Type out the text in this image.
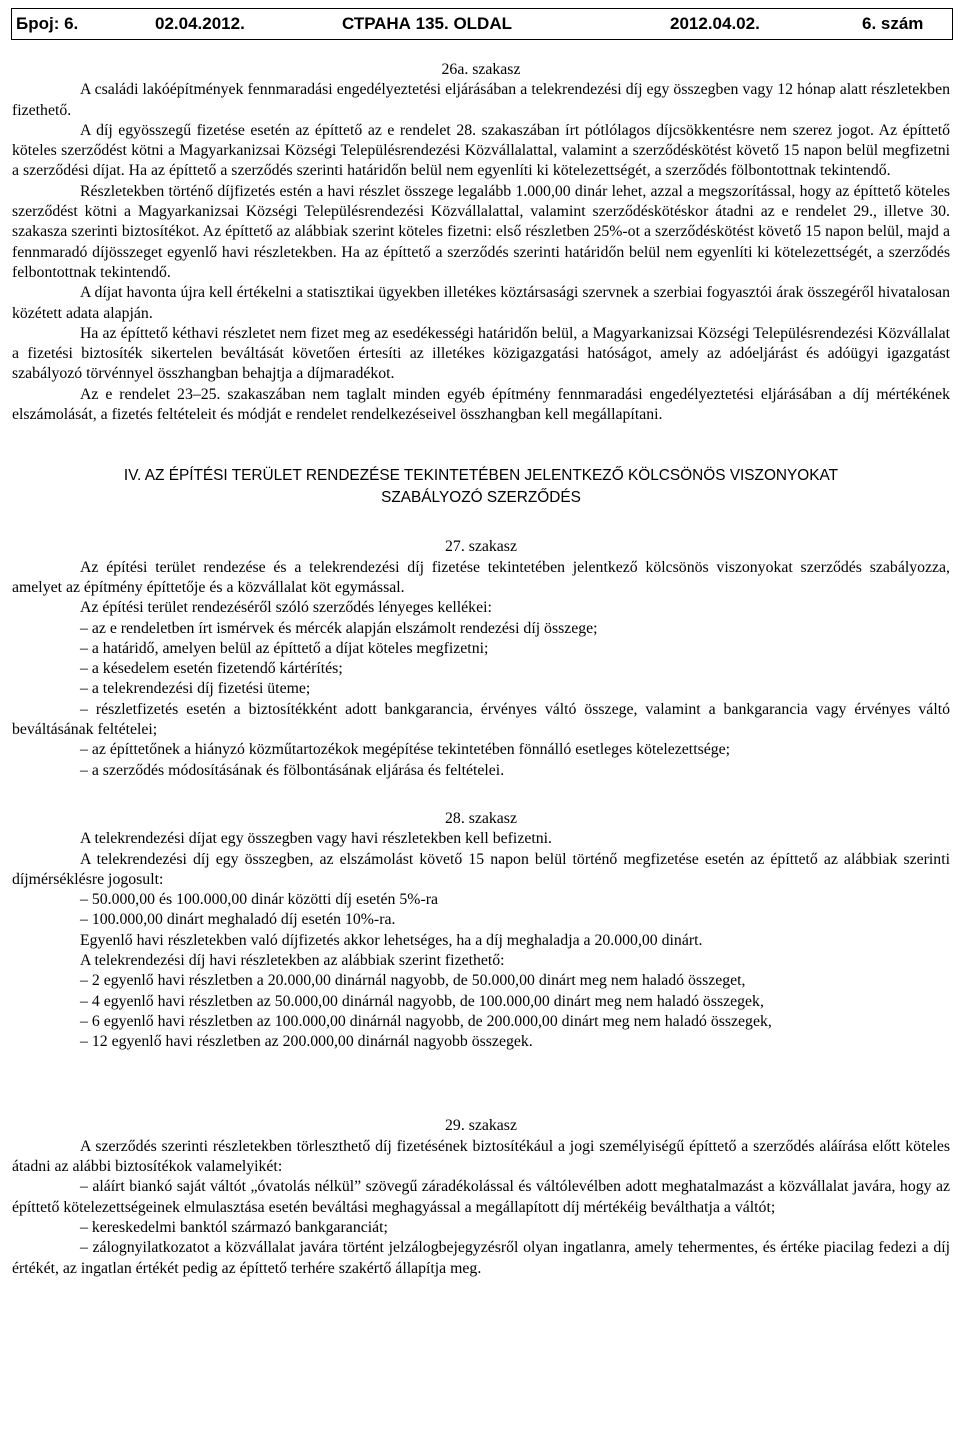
Број: 6.	02.04.2012.	СТРАНА 135. OLDAL	2012.04.02.	6. szám

26a. szakasz

A családi lakóépítmények fennmaradási engedélyeztetési eljárásában a telekrendezési díj egy összegben vagy 12 hónap alatt részletekben fizethető.

A díj egyösszegű fizetése esetén az építtető az e rendelet 28. szakaszában írt pótlólagos díjcsökkentésre nem szerez jogot. Az építtető köteles szerződést kötni a Magyarkanizsai Községi Településrendezési Közvállalattal, valamint a szerződéskötést követő 15 napon belül megfizetni a szerződési díjat. Ha az építtető a szerződés szerinti határidőn belül nem egyenlíti ki kötelezettségét, a szerződés fölbontottnak tekintendő.

Részletekben történő díjfizetés estén a havi részlet összege legalább 1.000,00 dinár lehet, azzal a megszorítással, hogy az építtető köteles szerződést kötni a Magyarkanizsai Községi Településrendezési Közvállalattal, valamint szerződéskötéskor átadni az e rendelet 29., illetve 30. szakasza szerinti biztosítékot. Az építtető az alábbiak szerint köteles fizetni: első részletben 25%-ot a szerződéskötést követő 15 napon belül, majd a fennmaradó díjösszeget egyenlő havi részletekben. Ha az építtető a szerződés szerinti határidőn belül nem egyenlíti ki kötelezettségét, a szerződés felbontottnak tekintendő.

A díjat havonta újra kell értékelni a statisztikai ügyekben illetékes köztársasági szervnek a szerbiai fogyasztói árak összegéről hivatalosan közétett adata alapján.

Ha az építtető kéthavi részletet nem fizet meg az esedékességi határidőn belül, a Magyarkanizsai Községi Településrendezési Közvállalat a fizetési biztosíték sikertelen beváltását követően értesíti az illetékes közigazgatási hatóságot, amely az adóeljárást és adóügyi igazgatást szabályozó törvénnyel összhangban behajtja a díjmaradékot.

Az e rendelet 23–25. szakaszában nem taglalt minden egyéb építmény fennmaradási engedélyeztetési eljárásában a díj mértékének elszámolását, a fizetés feltételeit és módját e rendelet rendelkezéseivel összhangban kell megállapítani.

IV. AZ ÉPÍTÉSI TERÜLET RENDEZÉSE TEKINTETÉBEN JELENTKEZŐ KÖLCSÖNÖS VISZONYOKAT

SZABÁLYOZÓ SZERZŐDÉS

27. szakasz

Az építési terület rendezése és a telekrendezési díj fizetése tekintetében jelentkező kölcsönös viszonyokat szerződés szabályozza, amelyet az építmény építtetője és a közvállalat köt egymással.

Az építési terület rendezéséről szóló szerződés lényeges kellékei:

– az e rendeletben írt ismérvek és mércék alapján elszámolt rendezési díj összege;

– a határidő, amelyen belül az építtető a díjat köteles megfizetni;

– a késedelem esetén fizetendő kártérítés;

– a telekrendezési díj fizetési üteme;

– részletfizetés esetén a biztosítékként adott bankgarancia, érvényes váltó összege, valamint a bankgarancia vagy érvényes váltó beváltásának feltételei;

– az építtetőnek a hiányzó közműtartozékok megépítése tekintetében fönnálló esetleges kötelezettsége;

– a szerződés módosításának és fölbontásának eljárása és feltételei.

28. szakasz

A telekrendezési díjat egy összegben vagy havi részletekben kell befizetni.

A telekrendezési díj egy összegben, az elszámolást követő 15 napon belül történő megfizetése esetén az építtető az alábbiak szerinti díjmérséklésre jogosult:

– 50.000,00 és 100.000,00 dinár közötti díj esetén 5%-ra

– 100.000,00 dinárt meghaladó díj esetén 10%-ra.

Egyenlő havi részletekben való díjfizetés akkor lehetséges, ha a díj meghaladja a 20.000,00 dinárt.

A telekrendezési díj havi részletekben az alábbiak szerint fizethető:

– 2 egyenlő havi részletben a 20.000,00 dinárnál nagyobb, de 50.000,00 dinárt meg nem haladó összeget,

– 4 egyenlő havi részletben az 50.000,00 dinárnál nagyobb, de 100.000,00 dinárt meg nem haladó összegek,

– 6 egyenlő havi részletben az 100.000,00 dinárnál nagyobb, de 200.000,00 dinárt meg nem haladó összegek,

– 12 egyenlő havi részletben az 200.000,00 dinárnál nagyobb összegek.

29. szakasz

A szerződés szerinti részletekben törleszthető díj fizetésének biztosítékául a jogi személyiségű építtető a szerződés aláírása előtt köteles átadni az alábbi biztosítékok valamelyikét:

– aláírt biankó saját váltót „óvatolás nélkül” szövegű záradékolással és váltólevélben adott meghatalmazást a közvállalat javára, hogy az építtető kötelezettségeinek elmulasztása esetén beváltási meghagyással a megállapított díj mértékéig beválthatja a váltót;

– kereskedelmi banktól származó bankgaranciát;

– zálognyilatkozatot a közvállalat javára történt jelzálogbejegyzésről olyan ingatlanra, amely tehermentes, és értéke piacilag fedezi a díj értékét, az ingatlan értékét pedig az építtető terhére szakértő állapítja meg.
